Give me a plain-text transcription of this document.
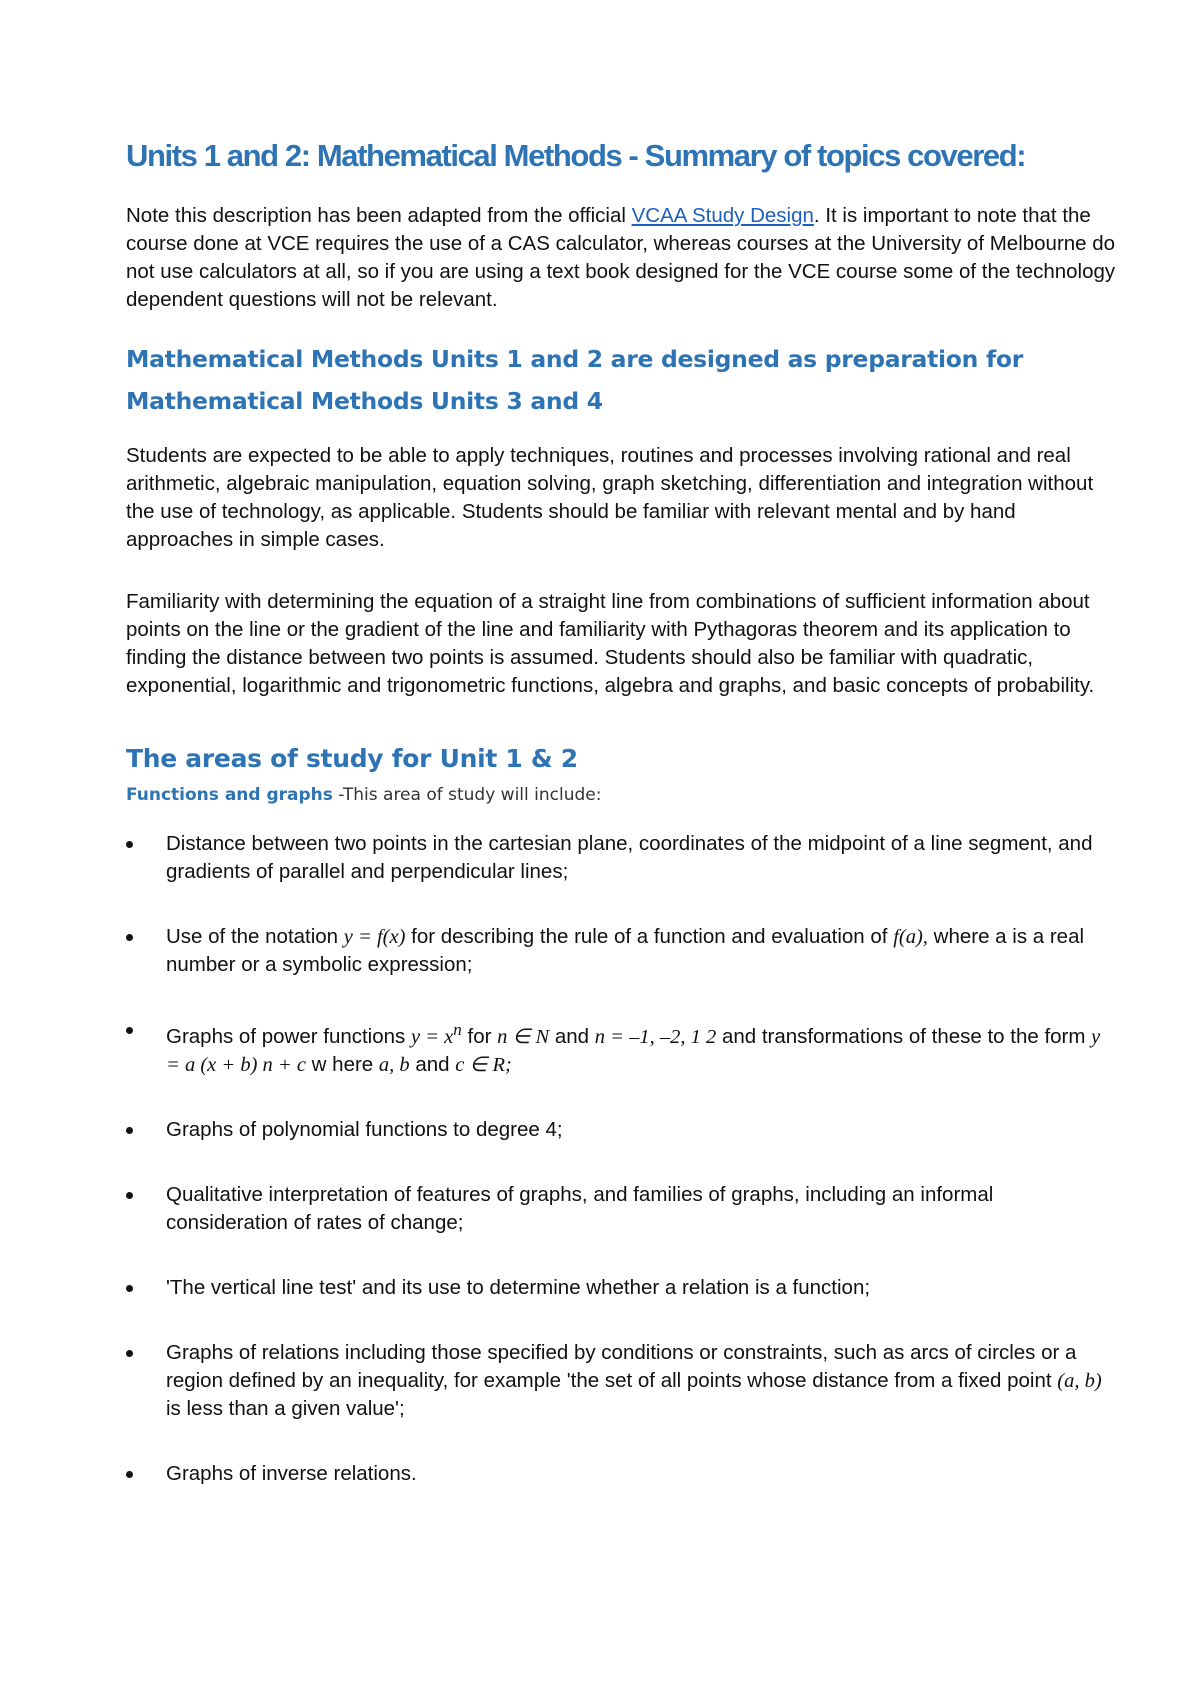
Units 1 and 2: Mathematical Methods - Summary of topics covered:

Note this description has been adapted from the official VCAA Study Design. It is important to note that the course done at VCE requires the use of a CAS calculator, whereas courses at the University of Melbourne do not use calculators at all, so if you are using a text book designed for the VCE course some of the technology dependent questions will not be relevant.

Mathematical Methods Units 1 and 2 are designed as preparation for Mathematical Methods Units 3 and 4

Students are expected to be able to apply techniques, routines and processes involving rational and real arithmetic, algebraic manipulation, equation solving, graph sketching, differentiation and integration without the use of technology, as applicable. Students should be familiar with relevant mental and by hand approaches in simple cases.

Familiarity with determining the equation of a straight line from combinations of sufficient information about points on the line or the gradient of the line and familiarity with Pythagoras theorem and its application to finding the distance between two points is assumed. Students should also be familiar with quadratic, exponential, logarithmic and trigonometric functions, algebra and graphs, and basic concepts of probability.

The areas of study for Unit 1 & 2

Functions and graphs -This area of study will include:

Distance between two points in the cartesian plane, coordinates of the midpoint of a line segment, and gradients of parallel and perpendicular lines;
Use of the notation y = f(x) for describing the rule of a function and evaluation of f(a), where a is a real number or a symbolic expression;
Graphs of power functions $y = x^n$ for n ∈ N and n = –1, –2, 1 2 and transformations of these to the form y = a (x + b) n + c w here a, b and c ∈ R;
Graphs of polynomial functions to degree 4;
Qualitative interpretation of features of graphs, and families of graphs, including an informal consideration of rates of change;
'The vertical line test' and its use to determine whether a relation is a function;
Graphs of relations including those specified by conditions or constraints, such as arcs of circles or a region defined by an inequality, for example 'the set of all points whose distance from a fixed point (a, b) is less than a given value';
Graphs of inverse relations.
